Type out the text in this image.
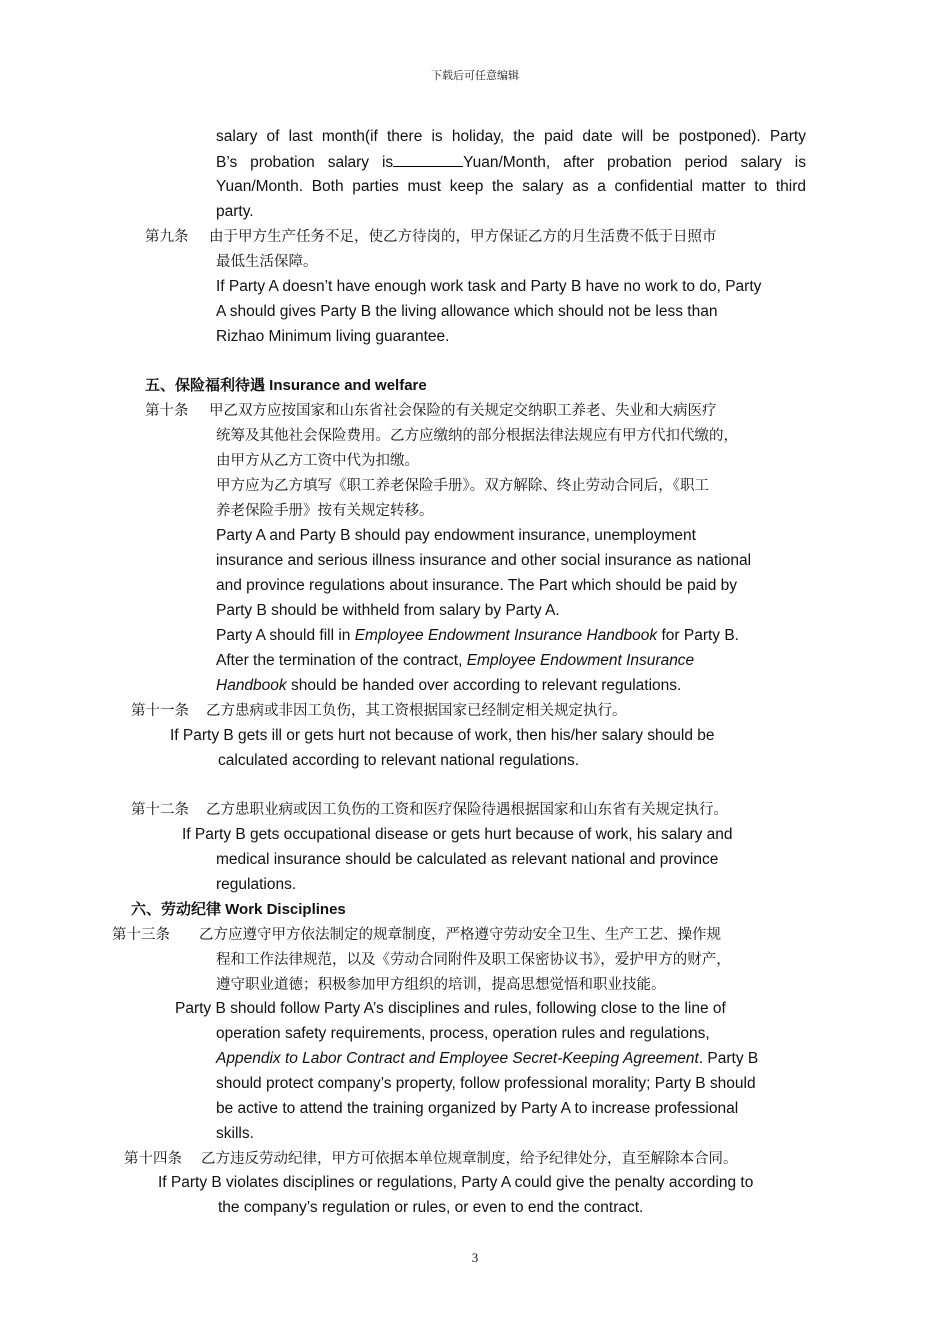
下载后可任意编辑
salary of last month(if there is holiday, the paid date will be postponed). Party
B’s probation salary is	Yuan/Month, after probation period salary is
Yuan/Month. Both parties must keep the salary as a confidential matter to third
party.
第九条 由于甲方生产任务不足，使乙方待岗的，甲方保证乙方的月生活费不低于日照市
最低生活保障。
If Party A doesn’t have enough work task and Party B have no work to do, Party
A should gives Party B the living allowance which should not be less than
Rizhao Minimum living guarantee.
五、保险福利待遇 Insurance and welfare
第十条 甲乙双方应按国家和山东省社会保险的有关规定交纳职工养老、失业和大病医疗
统筹及其他社会保险费用。乙方应缴纳的部分根据法律法规应有甲方代扣代缴的，
由甲方从乙方工资中代为扣缴。
甲方应为乙方填写《职工养老保险手册》。双方解除、终止劳动合同后，《职工
养老保险手册》按有关规定转移。
Party A and Party B should pay endowment insurance, unemployment
insurance and serious illness insurance and other social insurance as national
and province regulations about insurance. The Part which should be paid by
Party B should be withheld from salary by Party A.
Party A should fill in Employee Endowment Insurance Handbook for Party B.
After the termination of the contract, Employee Endowment Insurance
Handbook should be handed over according to relevant regulations.
第十一条 乙方患病或非因工负伤，其工资根据国家已经制定相关规定执行。
If Party B gets ill or gets hurt not because of work, then his/her salary should be
calculated according to relevant national regulations.
第十二条 乙方患职业病或因工负伤的工资和医疗保险待遇根据国家和山东省有关规定执行。
If Party B gets occupational disease or gets hurt because of work, his salary and
medical insurance should be calculated as relevant national and province
regulations.
六、劳动纪律 Work Disciplines
第十三条 乙方应遵守甲方依法制定的规章制度，严格遵守劳动安全卫生、生产工艺、操作规
程和工作法律规范，以及《劳动合同附件及职工保密协议书》，爱护甲方的财产，
遵守职业道德；积极参加甲方组织的培训，提高思想觉悟和职业技能。
Party B should follow Party A’s disciplines and rules, following close to the line of
operation safety requirements, process, operation rules and regulations,
Appendix to Labor Contract and Employee Secret-Keeping Agreement. Party B
should protect company’s property, follow professional morality; Party B should
be active to attend the training organized by Party A to increase professional
skills.
第十四条 乙方违反劳动纪律，甲方可依据本单位规章制度，给予纪律处分，直至解除本合同。
If Party B violates disciplines or regulations, Party A could give the penalty according to
the company’s regulation or rules, or even to end the contract.
3
